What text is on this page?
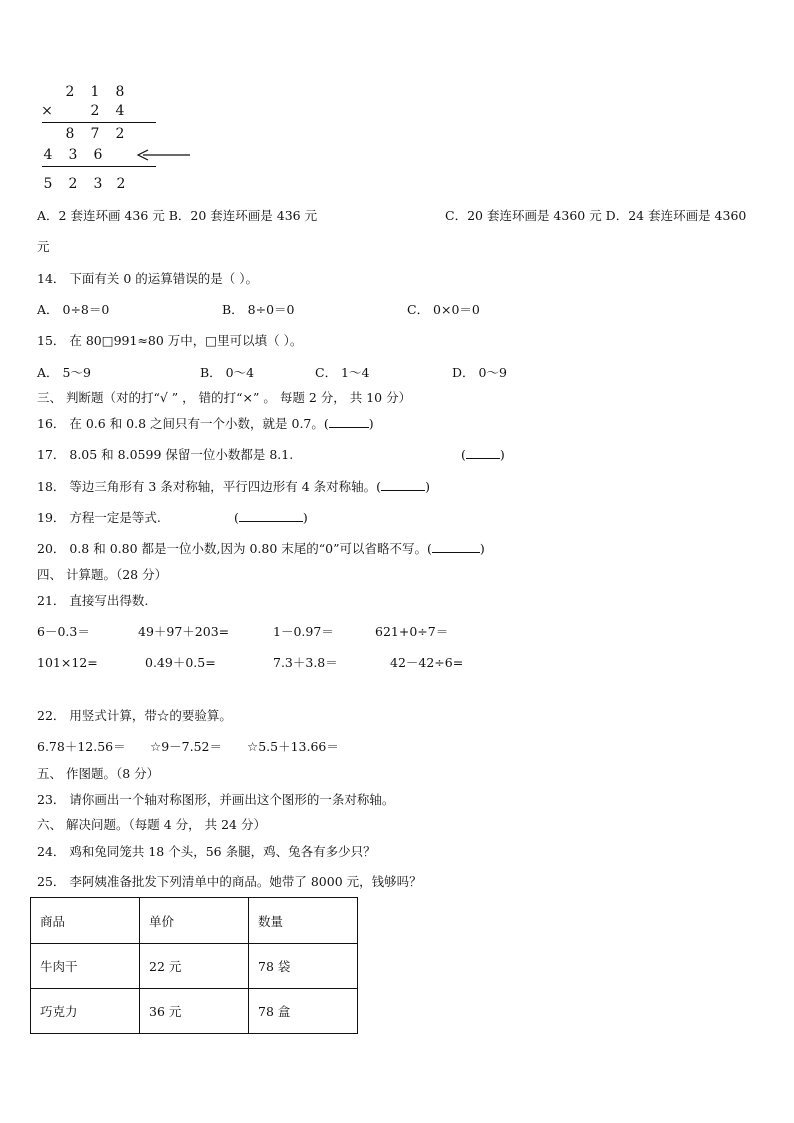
2	1	8
×	2	4
8	7	2
4	3	6
5	2	3	2
A．2 套连环画 436 元 B．20 套连环画是 436 元	C．20 套连环画是 4360 元 D．24 套连环画是 4360
元
14． 下面有关 0 的运算错误的是（ ）。
A． 0÷8＝0	B． 8÷0＝0	C． 0×0＝0
15． 在 80□991≈80 万中，□里可以填（ ）。
A． 5～9	B． 0～4	C． 1～4	D． 0～9
三、 判断题（对的打“√ ” ， 错的打“×” 。 每题 2 分， 共 10 分）
16． 在 0.6 和 0.8 之间只有一个小数，就是 0.7。(	)
17． 8.05 和 8.0599 保留一位小数都是 8.1.	(	)
18． 等边三角形有 3 条对称轴，平行四边形有 4 条对称轴。(	)
19． 方程一定是等式.	(	)
20． 0.8 和 0.80 都是一位小数,因为 0.80 末尾的“0”可以省略不写。(	)
四、 计算题。（28 分）
21． 直接写出得数.
6－0.3＝	49＋97＋203=	1－0.97＝	621+0÷7＝
101×12=	0.49＋0.5=	7.3＋3.8＝	42－42÷6=
22． 用竖式计算，带☆的要验算。
6.78＋12.56＝ ☆9－7.52＝ ☆5.5＋13.66＝
五、 作图题。（8 分）
23． 请你画出一个轴对称图形，并画出这个图形的一条对称轴。
六、 解决问题。（每题 4 分， 共 24 分）
24． 鸡和兔同笼共 18 个头，56 条腿，鸡、兔各有多少只？
25． 李阿姨准备批发下列清单中的商品。她带了 8000 元，钱够吗？
商品	单价	数量
牛肉干	22 元	78 袋
巧克力	36 元	78 盒
